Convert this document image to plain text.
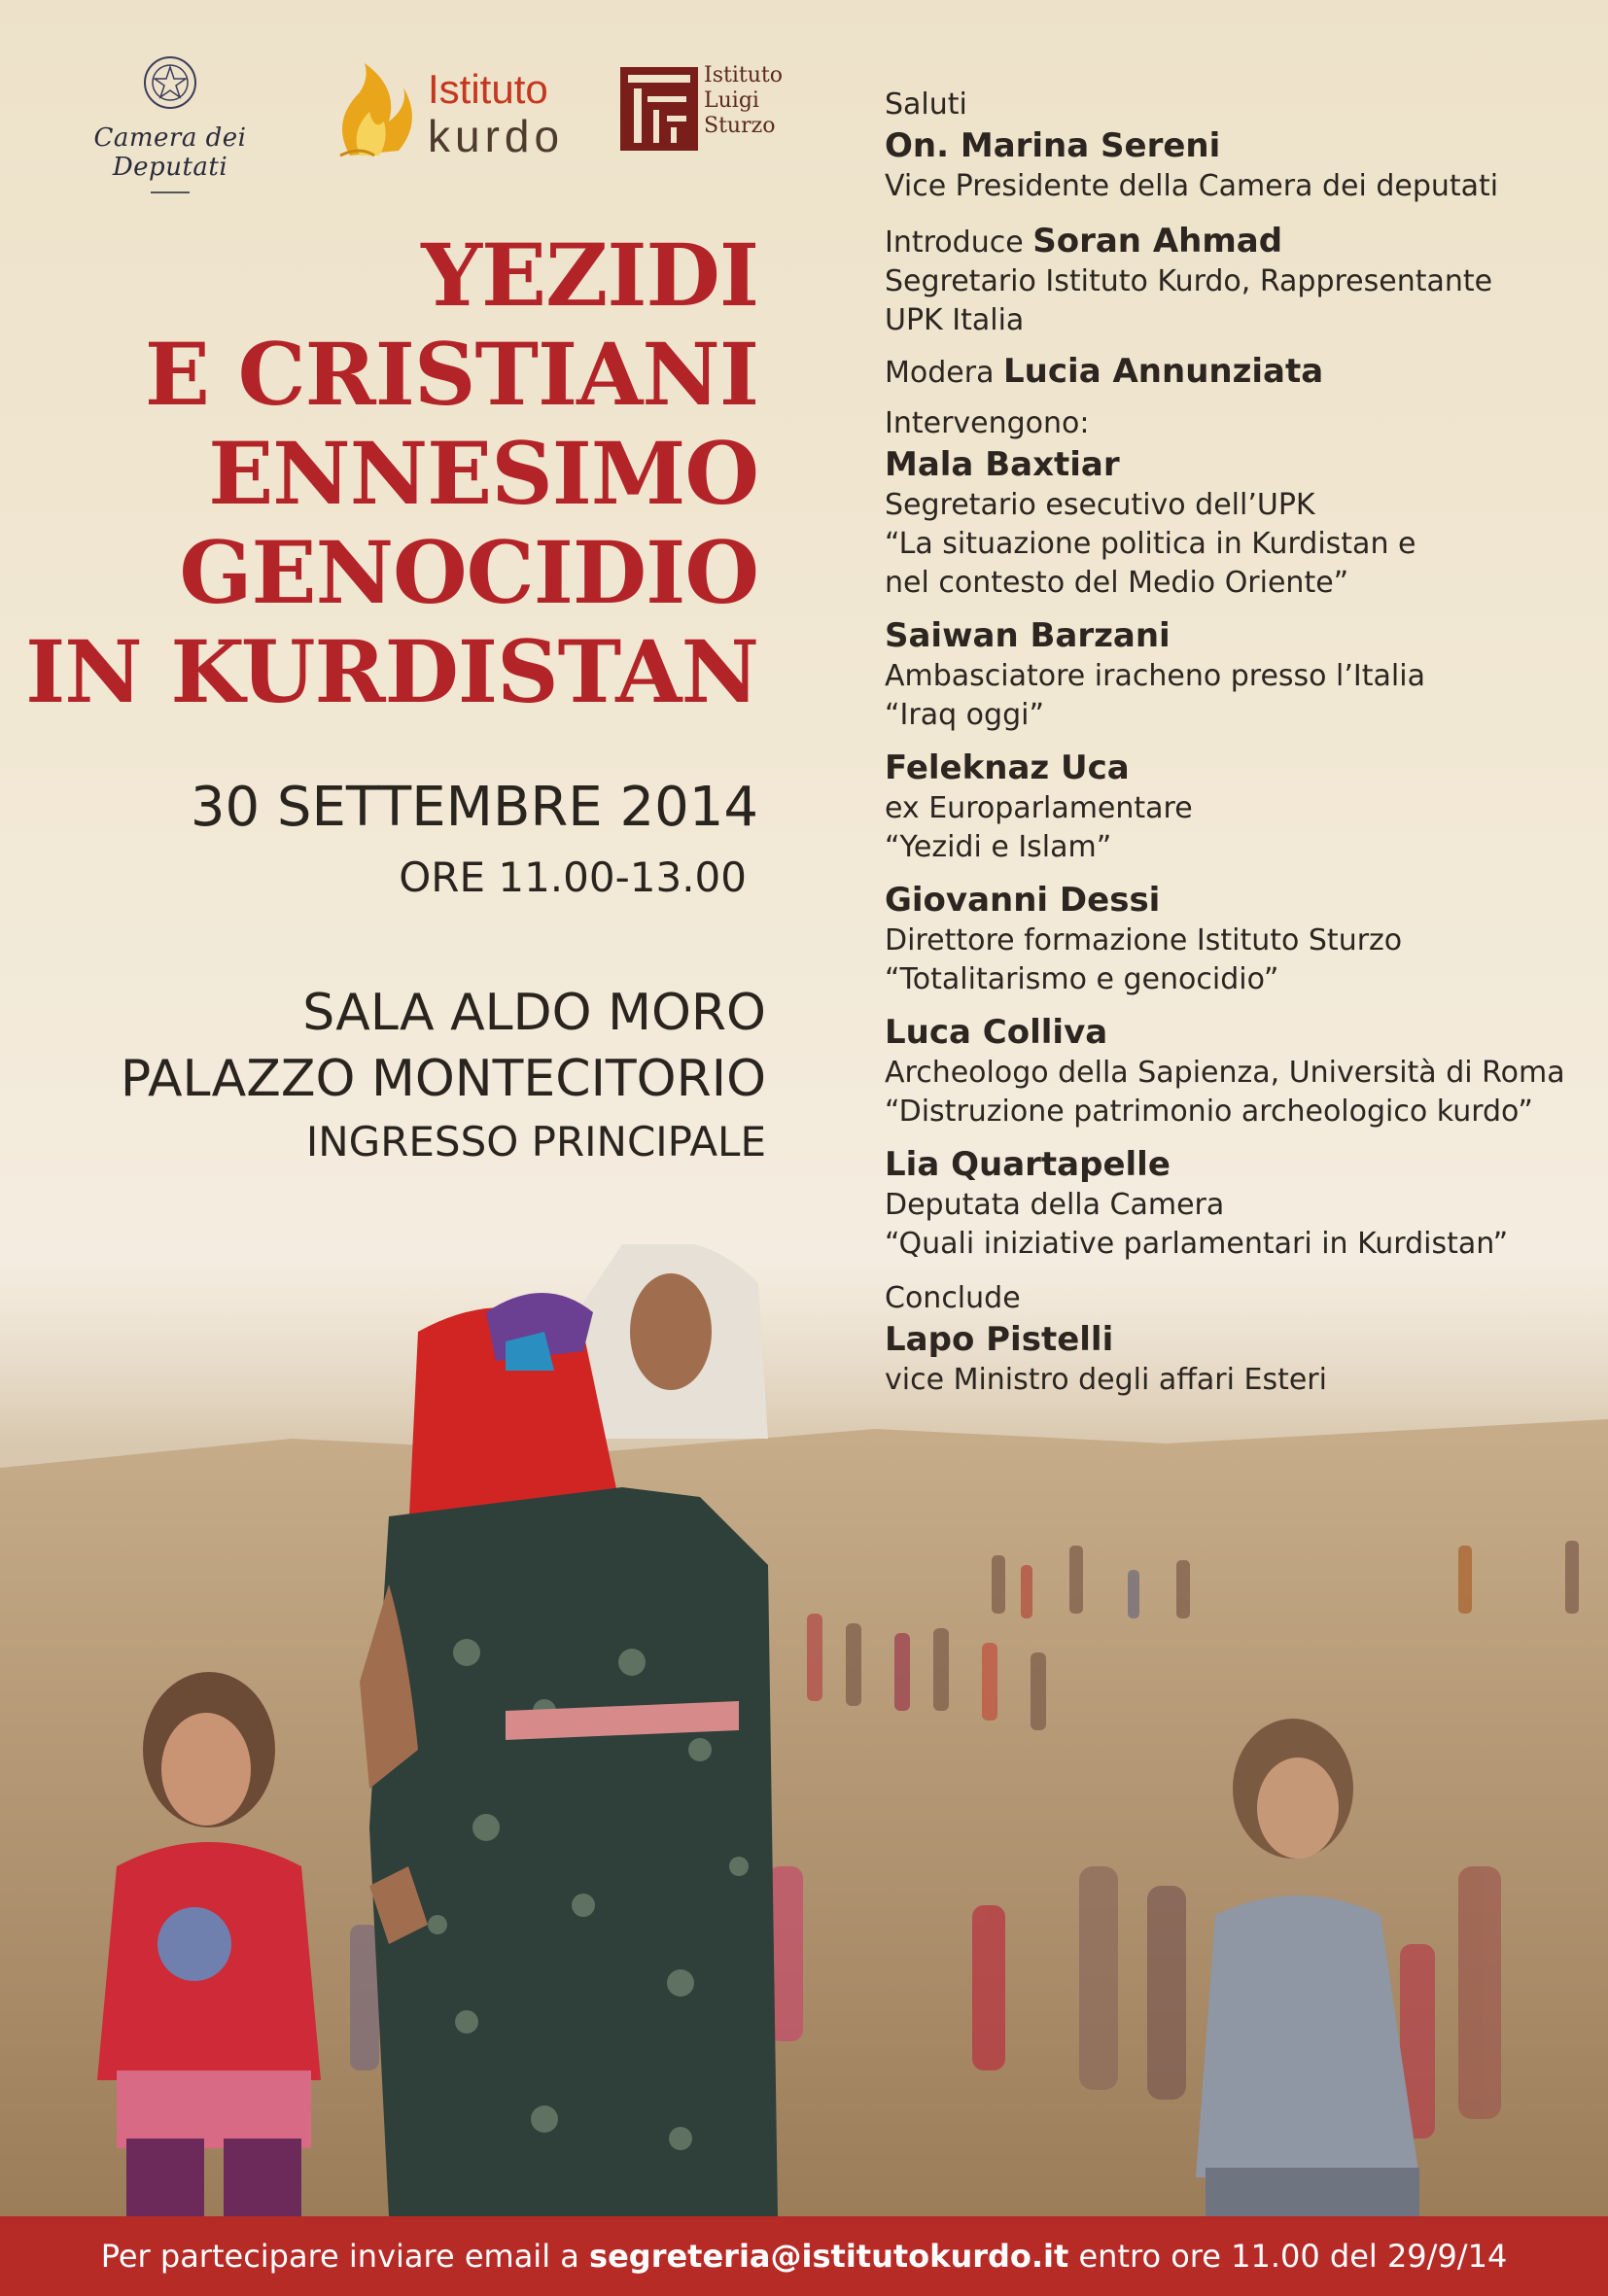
Camera dei Deputati
Istituto
kurdo
Istituto
Luigi
Sturzo
YEZIDI
E CRISTIANI
ENNESIMO
GENOCIDIO
IN KURDISTAN
30 SETTEMBRE 2014
ORE 11.00-13.00
SALA ALDO MORO
PALAZZO MONTECITORIO
INGRESSO PRINCIPALE
Saluti
On. Marina Sereni
Vice Presidente della Camera dei deputati
Introduce Soran Ahmad
Segretario Istituto Kurdo, Rappresentante
UPK Italia
Modera Lucia Annunziata
Intervengono:
Mala Baxtiar
Segretario esecutivo dell’UPK
“La situazione politica in Kurdistan e
nel contesto del Medio Oriente”
Saiwan Barzani
Ambasciatore iracheno presso l’Italia
“Iraq oggi”
Feleknaz Uca
ex Europarlamentare
“Yezidi e Islam”
Giovanni Dessi
Direttore formazione Istituto Sturzo
“Totalitarismo e genocidio”
Luca Colliva
Archeologo della Sapienza, Università di Roma
“Distruzione patrimonio archeologico kurdo”
Lia Quartapelle
Deputata della Camera
“Quali iniziative parlamentari in Kurdistan”
Conclude
Lapo Pistelli
vice Ministro degli affari Esteri
Per partecipare inviare email a segreteria@istitutokurdo.it entro ore 11.00 del 29/9/14
